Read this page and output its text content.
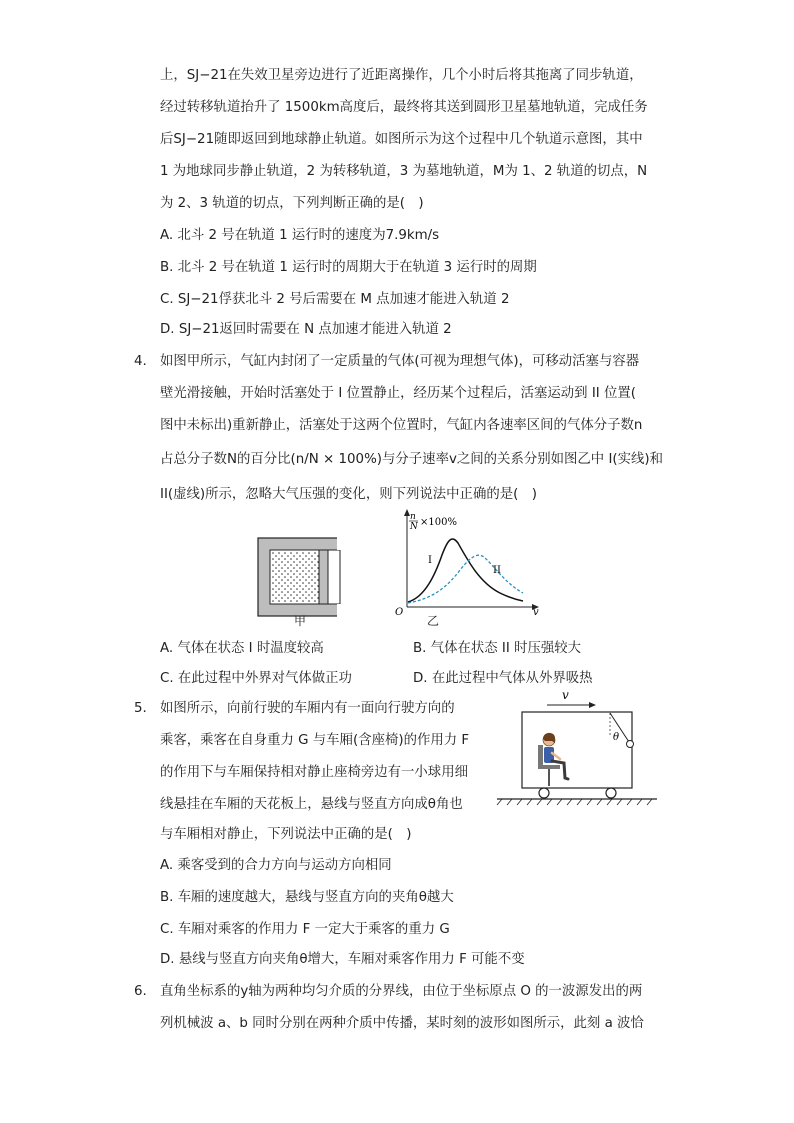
上，SJ−21在失效卫星旁边进行了近距离操作，几个小时后将其拖离了同步轨道，
经过转移轨道抬升了 1500km高度后，最终将其送到圆形卫星墓地轨道，完成任务
后SJ−21随即返回到地球静止轨道。如图所示为这个过程中几个轨道示意图，其中
1 为地球同步静止轨道，2 为转移轨道，3 为墓地轨道，M为 1、2 轨道的切点，N
为 2、3 轨道的切点，下列判断正确的是(　)
A. 北斗 2 号在轨道 1 运行时的速度为7.9km/s
B. 北斗 2 号在轨道 1 运行时的周期大于在轨道 3 运行时的周期
C. SJ−21俘获北斗 2 号后需要在 M 点加速才能进入轨道 2
D. SJ−21返回时需要在 N 点加速才能进入轨道 2
4. 如图甲所示，气缸内封闭了一定质量的气体(可视为理想气体)，可移动活塞与容器
壁光滑接触，开始时活塞处于 I 位置静止，经历某个过程后，活塞运动到 II 位置(
图中未标出)重新静止，活塞处于这两个位置时，气缸内各速率区间的气体分子数n
占总分子数N的百分比(n/N × 100%)与分子速率v之间的关系分别如图乙中 I(实线)和
II(虚线)所示，忽略大气压强的变化，则下列说法中正确的是(　)
甲
n
N ×100%
I
II
O	v
乙
A. 气体在状态 I 时温度较高	B. 气体在状态 II 时压强较大
C. 在此过程中外界对气体做正功	D. 在此过程中气体从外界吸热
5. 如图所示，向前行驶的车厢内有一面向行驶方向的
乘客，乘客在自身重力 G 与车厢(含座椅)的作用力 F
的作用下与车厢保持相对静止座椅旁边有一小球用细
线悬挂在车厢的天花板上，悬线与竖直方向成θ角也
与车厢相对静止，下列说法中正确的是(　)
v
θ
A. 乘客受到的合力方向与运动方向相同
B. 车厢的速度越大，悬线与竖直方向的夹角θ越大
C. 车厢对乘客的作用力 F 一定大于乘客的重力 G
D. 悬线与竖直方向夹角θ增大，车厢对乘客作用力 F 可能不变
6. 直角坐标系的y轴为两种均匀介质的分界线，由位于坐标原点 O 的一波源发出的两
列机械波 a、b 同时分别在两种介质中传播，某时刻的波形如图所示，此刻 a 波恰
